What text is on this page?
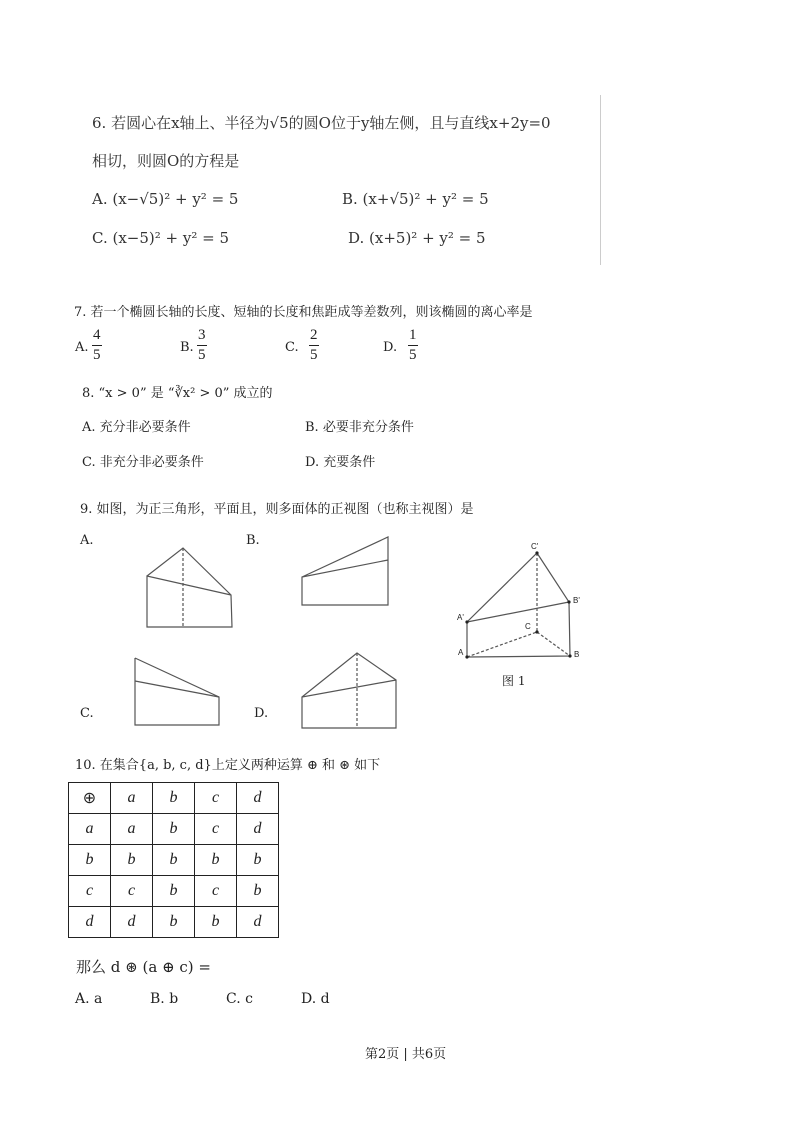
6. 若圆心在x轴上、半径为√5的圆O位于y轴左侧，且与直线x+2y=0
相切，则圆O的方程是
A. (x−√5)² + y² = 5	B. (x+√5)² + y² = 5
C. (x−5)² + y² = 5	D. (x+5)² + y² = 5
7. 若一个椭圆长轴的长度、短轴的长度和焦距成等差数列，则该椭圆的离心率是
A. $\frac{4}{5}$	B. $\frac{3}{5}$	C. $\frac{2}{5}$	D. $\frac{1}{5}$
8. “x > 0” 是 “∛x² > 0” 成立的
A. 充分非必要条件	B. 必要非充分条件
C. 非充分非必要条件	D. 充要条件
9. 如图，为正三角形，平面且，则多面体的正视图（也称主视图）是
A.	B.
C.	D.
C'
B'
A'
C
A	B
图 1
10. 在集合{a, b, c, d}上定义两种运算 ⊕ 和 ⊛ 如下
⊕	a	b	c	d
a	a	b	c	d
b	b	b	b	b
c	c	b	c	b
d	d	b	b	d
那么 d ⊛ (a ⊕ c) =
A. a	B. b	C. c	D. d
第2页 | 共6页
